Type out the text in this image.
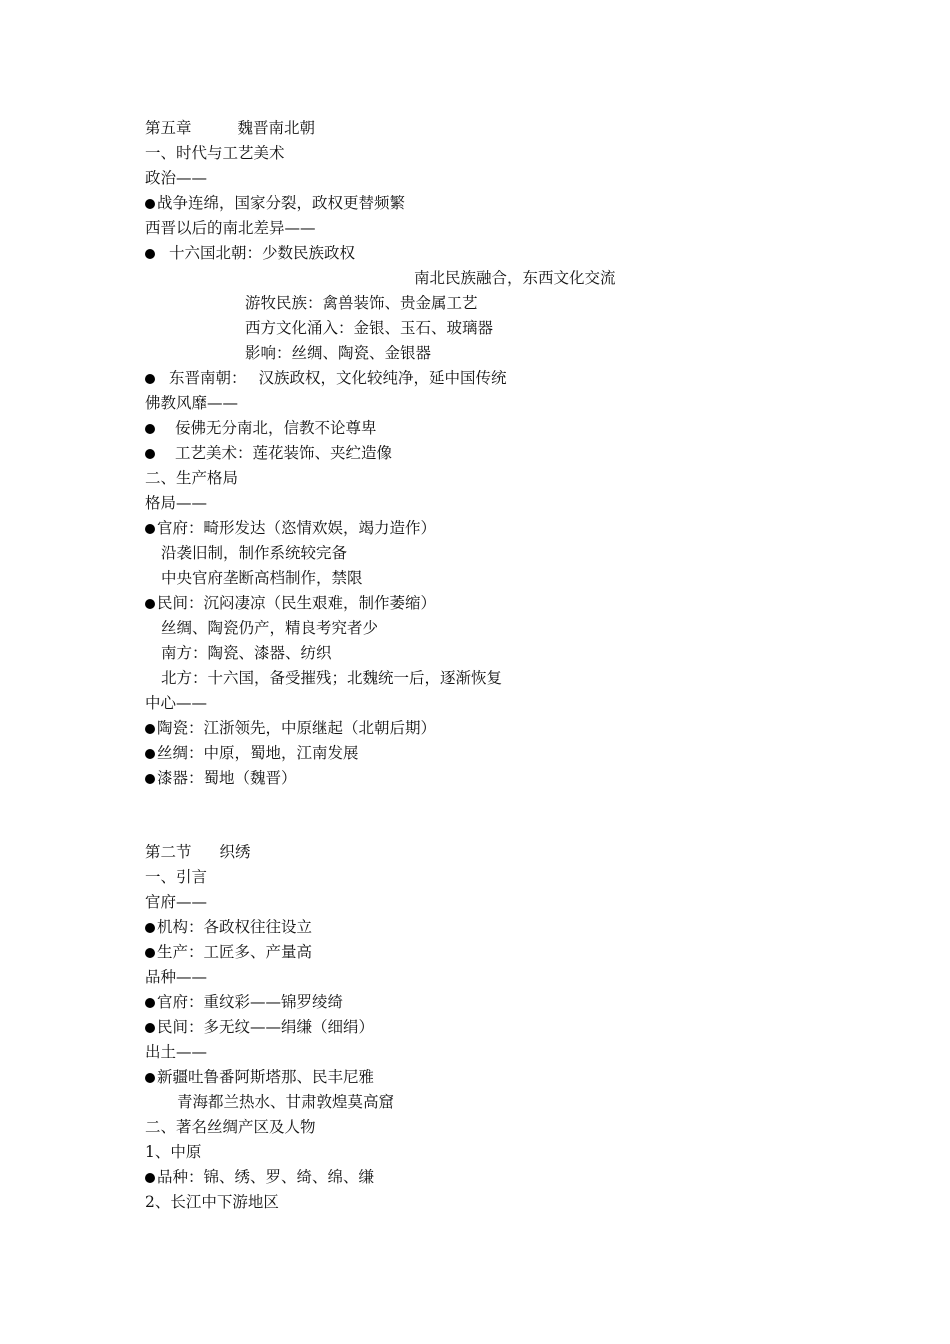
第五章	魏晋南北朝
一、时代与工艺美术
政治——
战争连绵，国家分裂，政权更替频繁
西晋以后的南北差异——
十六国北朝：少数民族政权
南北民族融合，东西文化交流
游牧民族：禽兽装饰、贵金属工艺
西方文化涌入：金银、玉石、玻璃器
影响：丝绸、陶瓷、金银器
东晋南朝： 汉族政权，文化较纯净，延中国传统
佛教风靡——
佞佛无分南北，信教不论尊卑
工艺美术：莲花装饰、夹纻造像
二、生产格局
格局——
官府：畸形发达（恣情欢娱，竭力造作）
沿袭旧制，制作系统较完备
中央官府垄断高档制作，禁限
民间：沉闷凄凉（民生艰难，制作萎缩）
丝绸、陶瓷仍产，精良考究者少
南方：陶瓷、漆器、纺织
北方：十六国，备受摧残；北魏统一后，逐渐恢复
中心——
陶瓷：江浙领先，中原继起（北朝后期）
丝绸：中原，蜀地，江南发展
漆器：蜀地（魏晋）
第二节 织绣
一、引言
官府——
机构：各政权往往设立
生产：工匠多、产量高
品种——
官府：重纹彩——锦罗绫绮
民间：多无纹——绢缣（细绢）
出土——
新疆吐鲁番阿斯塔那、民丰尼雅
青海都兰热水、甘肃敦煌莫高窟
二、著名丝绸产区及人物
1、中原
品种：锦、绣、罗、绮、绵、缣
2、长江中下游地区
